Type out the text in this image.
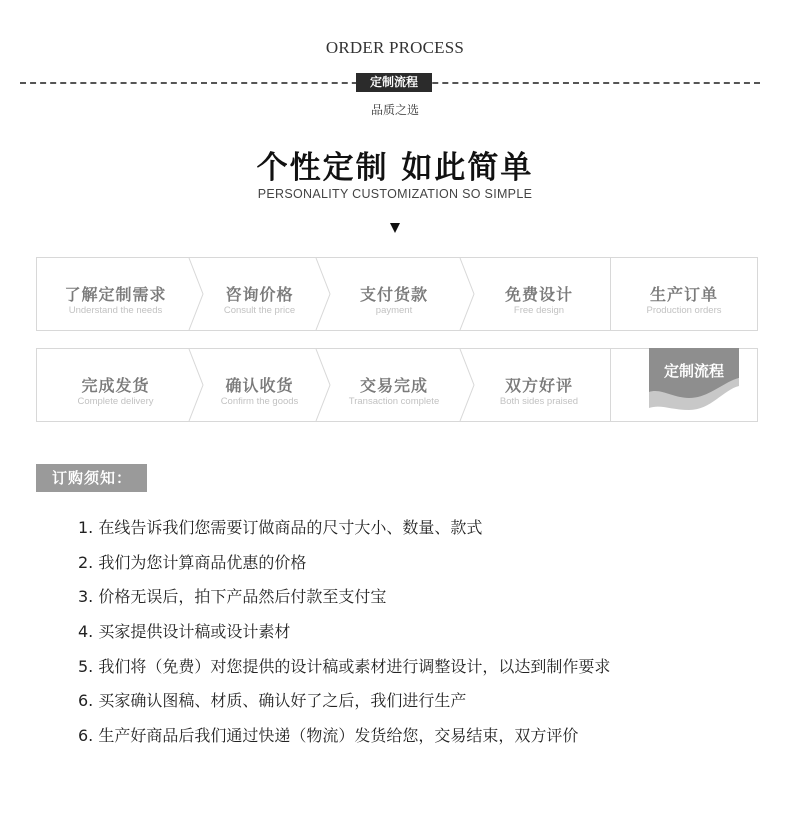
ORDER PROCESS
定制流程
品质之选
个性定制 如此简单
PERSONALITY CUSTOMIZATION SO SIMPLE
了解定制需求
Understand the needs
咨询价格
Consult the price
支付货款
payment
免费设计
Free design
生产订单
Production orders
完成发货
Complete delivery
确认收货
Confirm the goods
交易完成
Transaction complete
双方好评
Both sides praised
定制流程
订购须知：
1. 在线告诉我们您需要订做商品的尺寸大小、数量、款式
2. 我们为您计算商品优惠的价格
3. 价格无误后，拍下产品然后付款至支付宝
4. 买家提供设计稿或设计素材
5. 我们将（免费）对您提供的设计稿或素材进行调整设计，以达到制作要求
6. 买家确认图稿、材质、确认好了之后，我们进行生产
6. 生产好商品后我们通过快递（物流）发货给您，交易结束，双方评价
